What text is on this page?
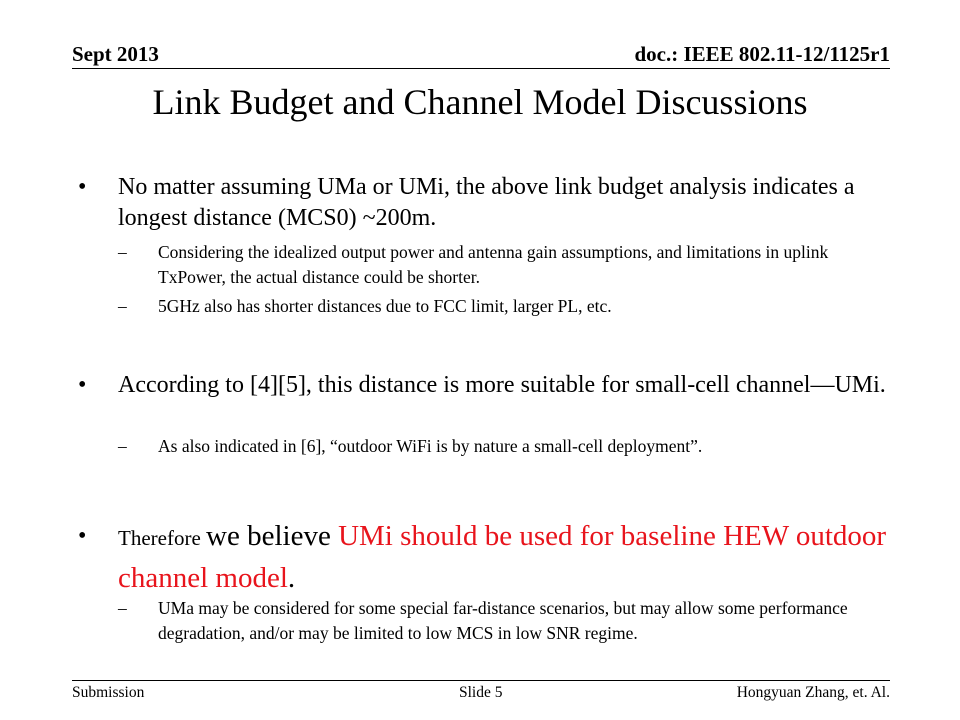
Sept 2013	doc.: IEEE 802.11-12/1125r1
Link Budget and Channel Model Discussions
• No matter assuming UMa or UMi, the above link budget analysis indicates a longest distance (MCS0) ~200m.
– Considering the idealized output power and antenna gain assumptions, and limitations in uplink TxPower, the actual distance could be shorter.
– 5GHz also has shorter distances due to FCC limit, larger PL, etc.
• According to [4][5], this distance is more suitable for small-cell channel—UMi.
– As also indicated in [6], “outdoor WiFi is by nature a small-cell deployment”.
• Therefore we believe UMi should be used for baseline HEW outdoor channel model.
– UMa may be considered for some special far-distance scenarios, but may allow some performance degradation, and/or may be limited to low MCS in low SNR regime.
Submission	Slide 5	Hongyuan Zhang, et. Al.
